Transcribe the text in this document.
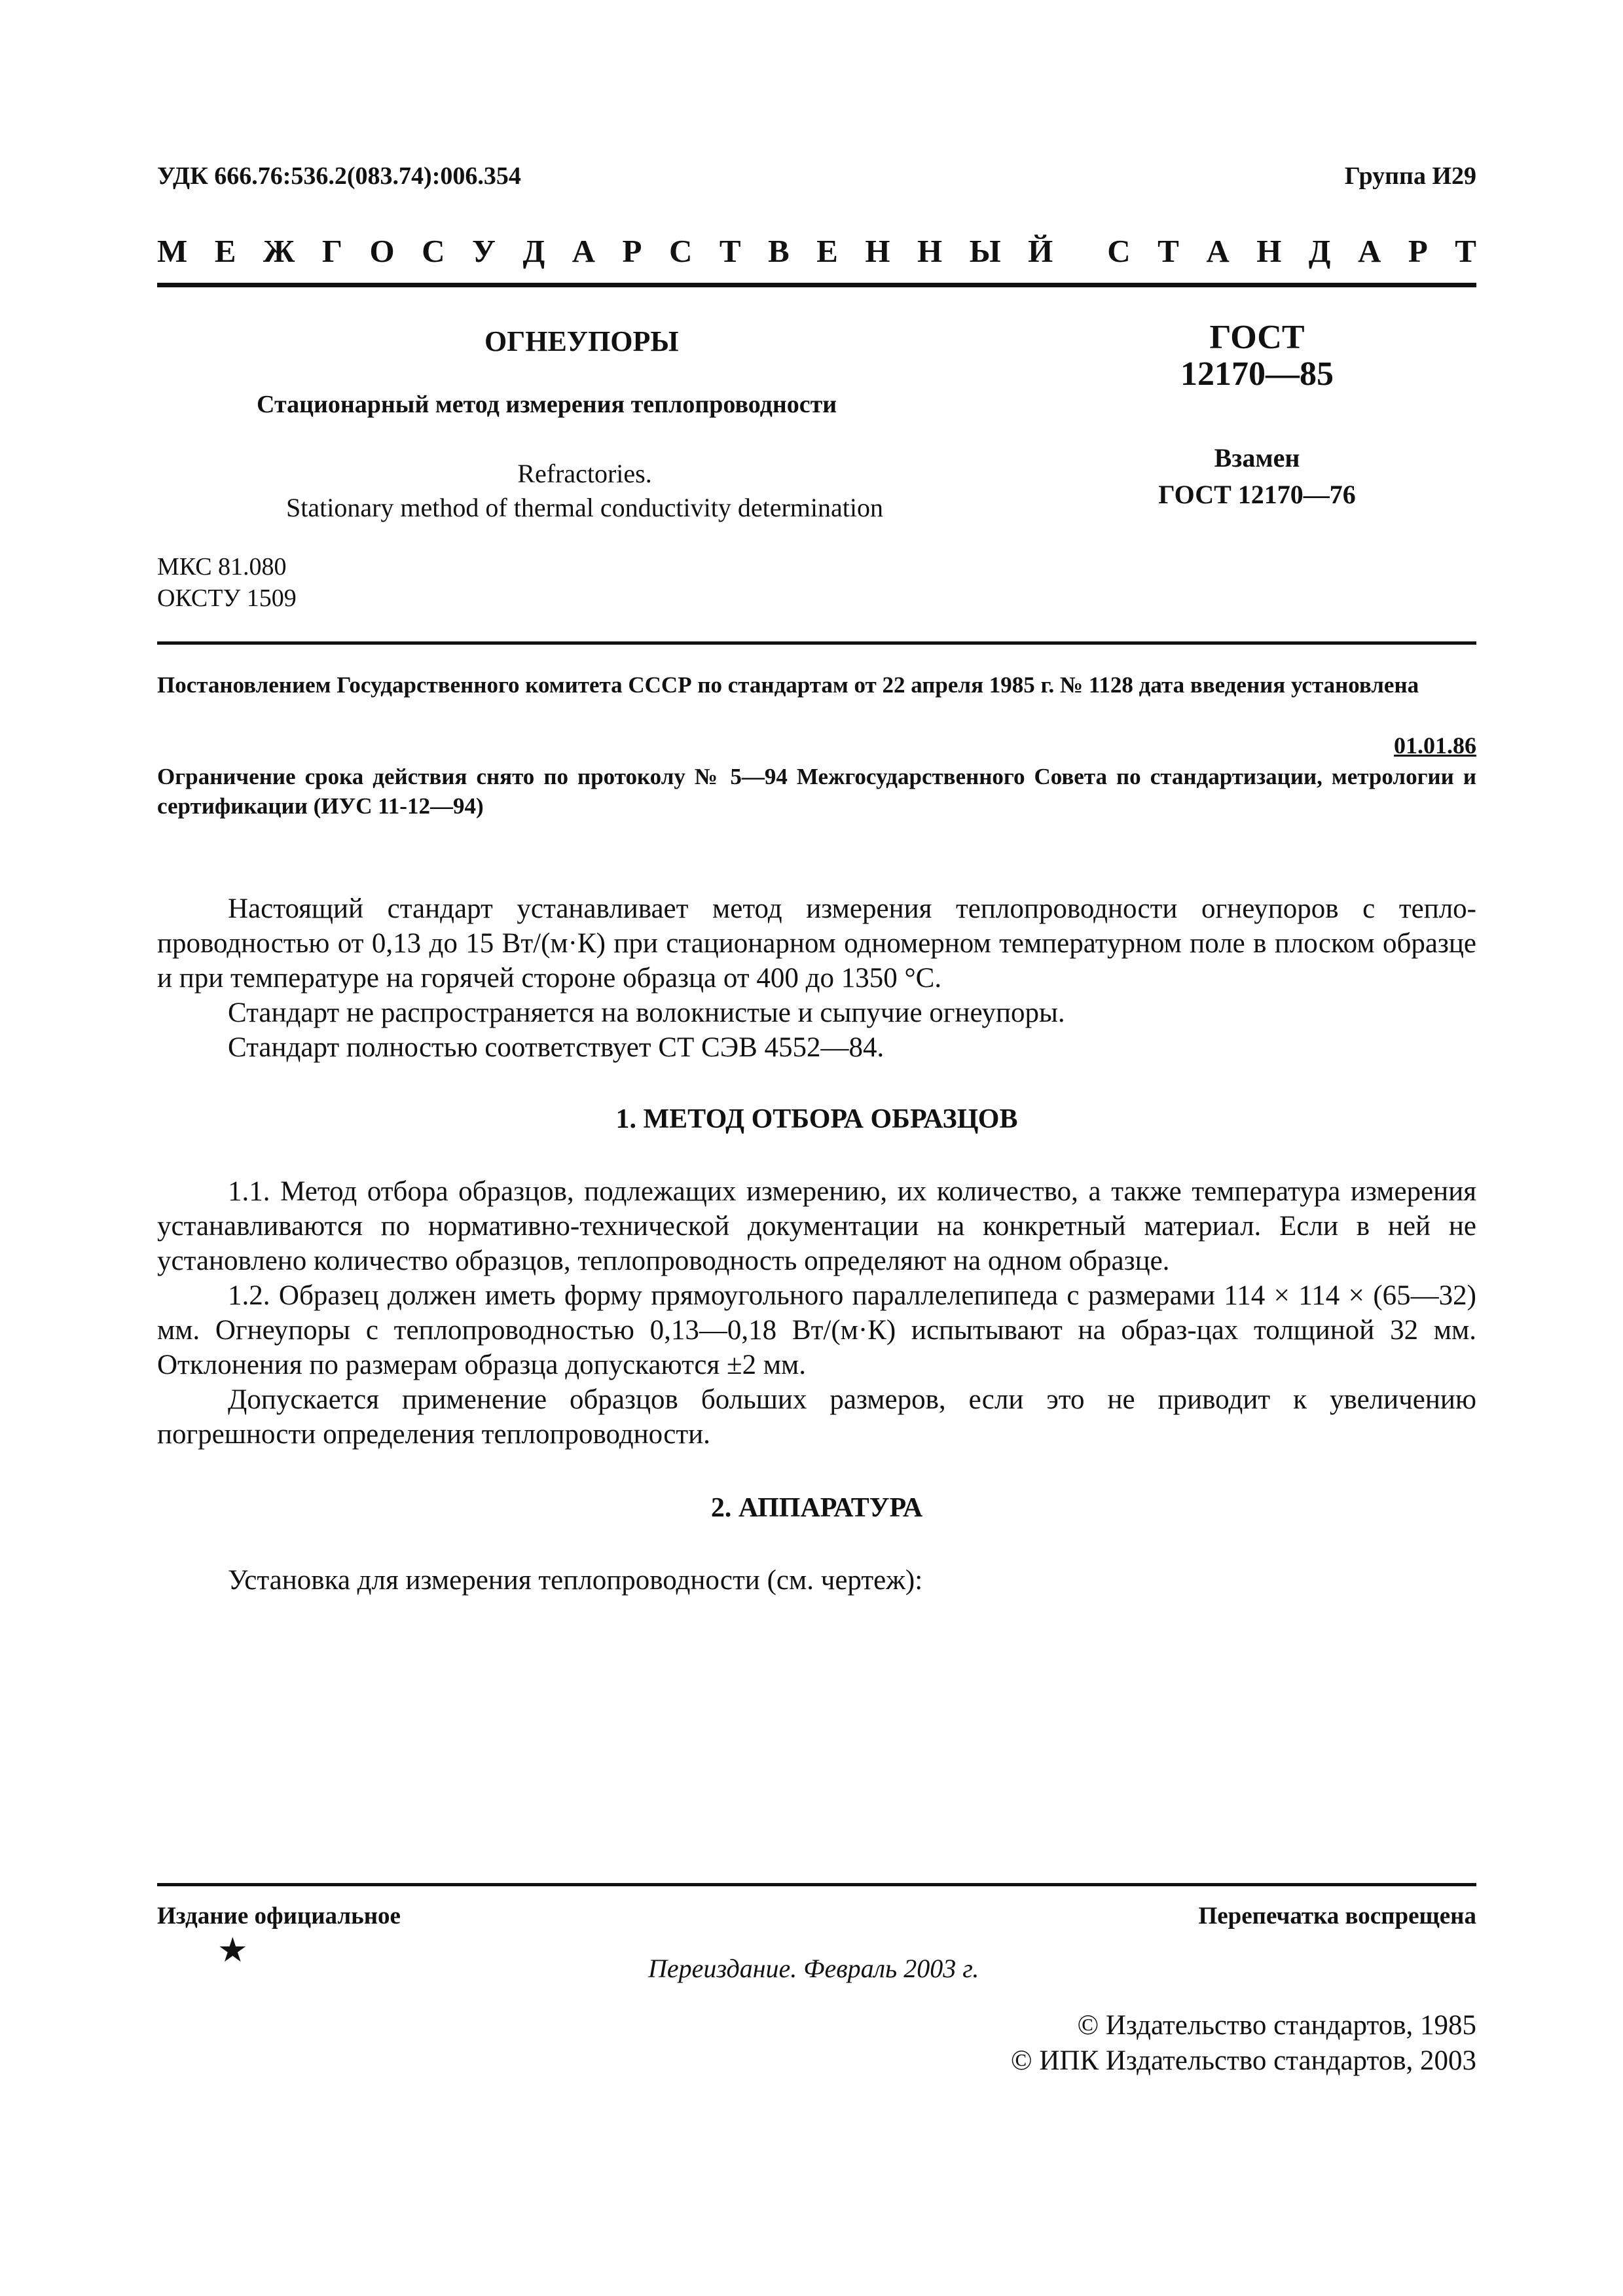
УДК 666.76:536.2(083.74):006.354	Группа И29
М Е Ж Г О С У Д А Р С Т В Е Н Н Ы Й С Т А Н Д А Р Т
ОГНЕУПОРЫ
Стационарный метод измерения теплопроводности
Refractories.
Stationary method of thermal conductivity determination
ГОСТ
12170—85
Взамен
ГОСТ 12170—76
МКС 81.080
ОКСТУ 1509
Постановлением Государственного комитета СССР по стандартам от 22 апреля 1985 г. № 1128 дата введения установлена
01.01.86
Ограничение срока действия снято по протоколу № 5—94 Межгосударственного Совета по стандартизации, метрологии и сертификации (ИУС 11-12—94)

Настоящий стандарт устанавливает метод измерения теплопроводности огнеупоров с тепло-проводностью от 0,13 до 15 Вт/(м·К) при стационарном одномерном температурном поле в плоском образце и при температуре на горячей стороне образца от 400 до 1350 °С.

Стандарт не распространяется на волокнистые и сыпучие огнеупоры.

Стандарт полностью соответствует СТ СЭВ 4552—84.

1. МЕТОД ОТБОРА ОБРАЗЦОВ

1.1. Метод отбора образцов, подлежащих измерению, их количество, а также температура измерения устанавливаются по нормативно-технической документации на конкретный материал. Если в ней не установлено количество образцов, теплопроводность определяют на одном образце.

1.2. Образец должен иметь форму прямоугольного параллелепипеда с размерами 114 × 114 × (65—32) мм. Огнеупоры с теплопроводностью 0,13—0,18 Вт/(м·К) испытывают на образ-цах толщиной 32 мм. Отклонения по размерам образца допускаются ±2 мм.

Допускается применение образцов больших размеров, если это не приводит к увеличению погрешности определения теплопроводности.

2. АППАРАТУРА

Установка для измерения теплопроводности (см. чертеж):

Издание официальное	Перепечатка воспрещена
★	Переиздание. Февраль 2003 г.
© Издательство стандартов, 1985
© ИПК Издательство стандартов, 2003
